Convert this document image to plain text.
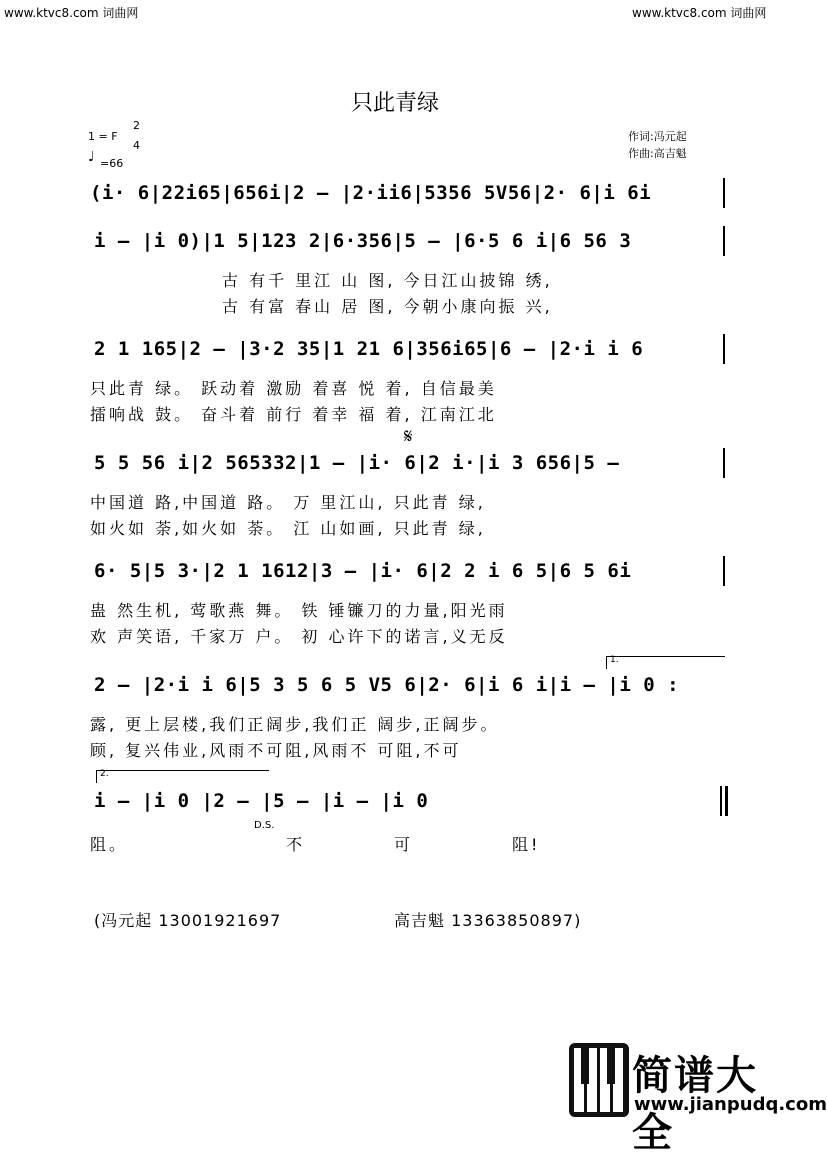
www.ktvc8.com 词曲网	www.ktvc8.com 词曲网
只此青绿
1 = F
2
4
♩ =66
作词:冯元起
作曲:高吉魁
(i· 6|22i65|656i|2 – |2·ii6|5356 5V56|2· 6|i 6i
i – |i 0)|1 5|123 2|6·356|5 – |6·5 6 i|6 56 3
古 有千 里江 山 图, 今日江山披锦 绣,
古 有富 春山 居 图, 今朝小康向振 兴,
2 1 165|2 – |3·2 35|1 21 6|356i65|6 – |2·i i 6
只此青 绿。 跃动着 激励 着喜 悦 着, 自信最美
擂响战 鼓。 奋斗着 前行 着幸 福 着, 江南江北
𝄋
5 5 56 i|2 565332|1 – |i· 6|2 i·|i 3 656|5 –
中国道 路,中国道 路。 万 里江山, 只此青 绿,
如火如 荼,如火如 荼。 江 山如画, 只此青 绿,
6· 5|5 3·|2 1 1612|3 – |i· 6|2 2 i 6 5|6 5 6i
蛊 然生机, 莺歌燕 舞。 铁 锤镰刀的力量,阳光雨
欢 声笑语, 千家万 户。 初 心许下的诺言,义无反
1.
2 – |2·i i 6|5 3 5 6 5 V5 6|2· 6|i 6 i|i – |i 0 :
露, 更上层楼,我们正阔步,我们正 阔步,正阔步。
顾, 复兴伟业,风雨不可阻,风雨不 可阻,不可
2.
i – |i 0 |2 – |5 – |i – |i 0
D.S.
阻。	不	可	阻!
(冯元起 13001921697	高吉魁 13363850897)
简谱大全
www.jianpudq.com
